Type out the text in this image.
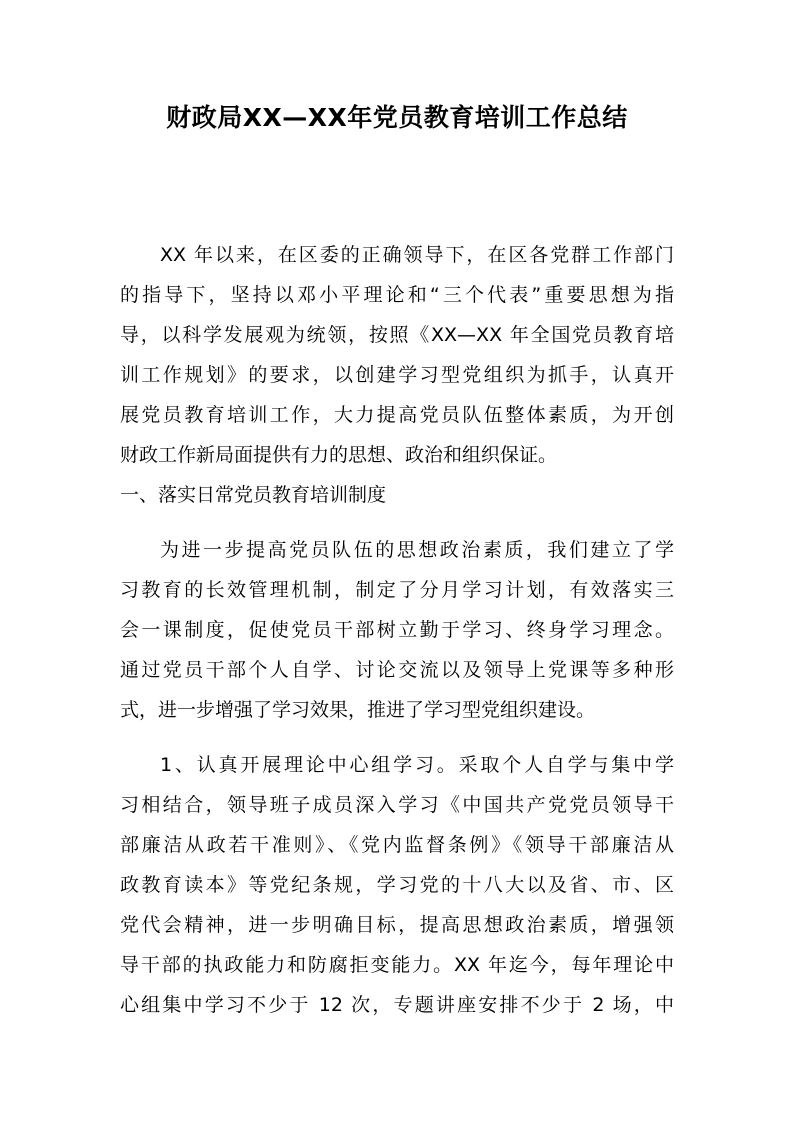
财政局XX—XX年党员教育培训工作总结
XX 年以来，在区委的正确领导下，在区各党群工作部门
的指导下，坚持以邓小平理论和“三个代表”重要思想为指
导，以科学发展观为统领，按照《XX—XX 年全国党员教育培
训工作规划》的要求，以创建学习型党组织为抓手，认真开
展党员教育培训工作，大力提高党员队伍整体素质，为开创
财政工作新局面提供有力的思想、政治和组织保证。
一、落实日常党员教育培训制度
为进一步提高党员队伍的思想政治素质，我们建立了学
习教育的长效管理机制，制定了分月学习计划，有效落实三
会一课制度，促使党员干部树立勤于学习、终身学习理念。
通过党员干部个人自学、讨论交流以及领导上党课等多种形
式，进一步增强了学习效果，推进了学习型党组织建设。
1、认真开展理论中心组学习。采取个人自学与集中学
习相结合，领导班子成员深入学习《中国共产党党员领导干
部廉洁从政若干准则》、《党内监督条例》《领导干部廉洁从
政教育读本》等党纪条规，学习党的十八大以及省、市、区
党代会精神，进一步明确目标，提高思想政治素质，增强领
导干部的执政能力和防腐拒变能力。XX 年迄今，每年理论中
心组集中学习不少于 12 次，专题讲座安排不少于 2 场，中
